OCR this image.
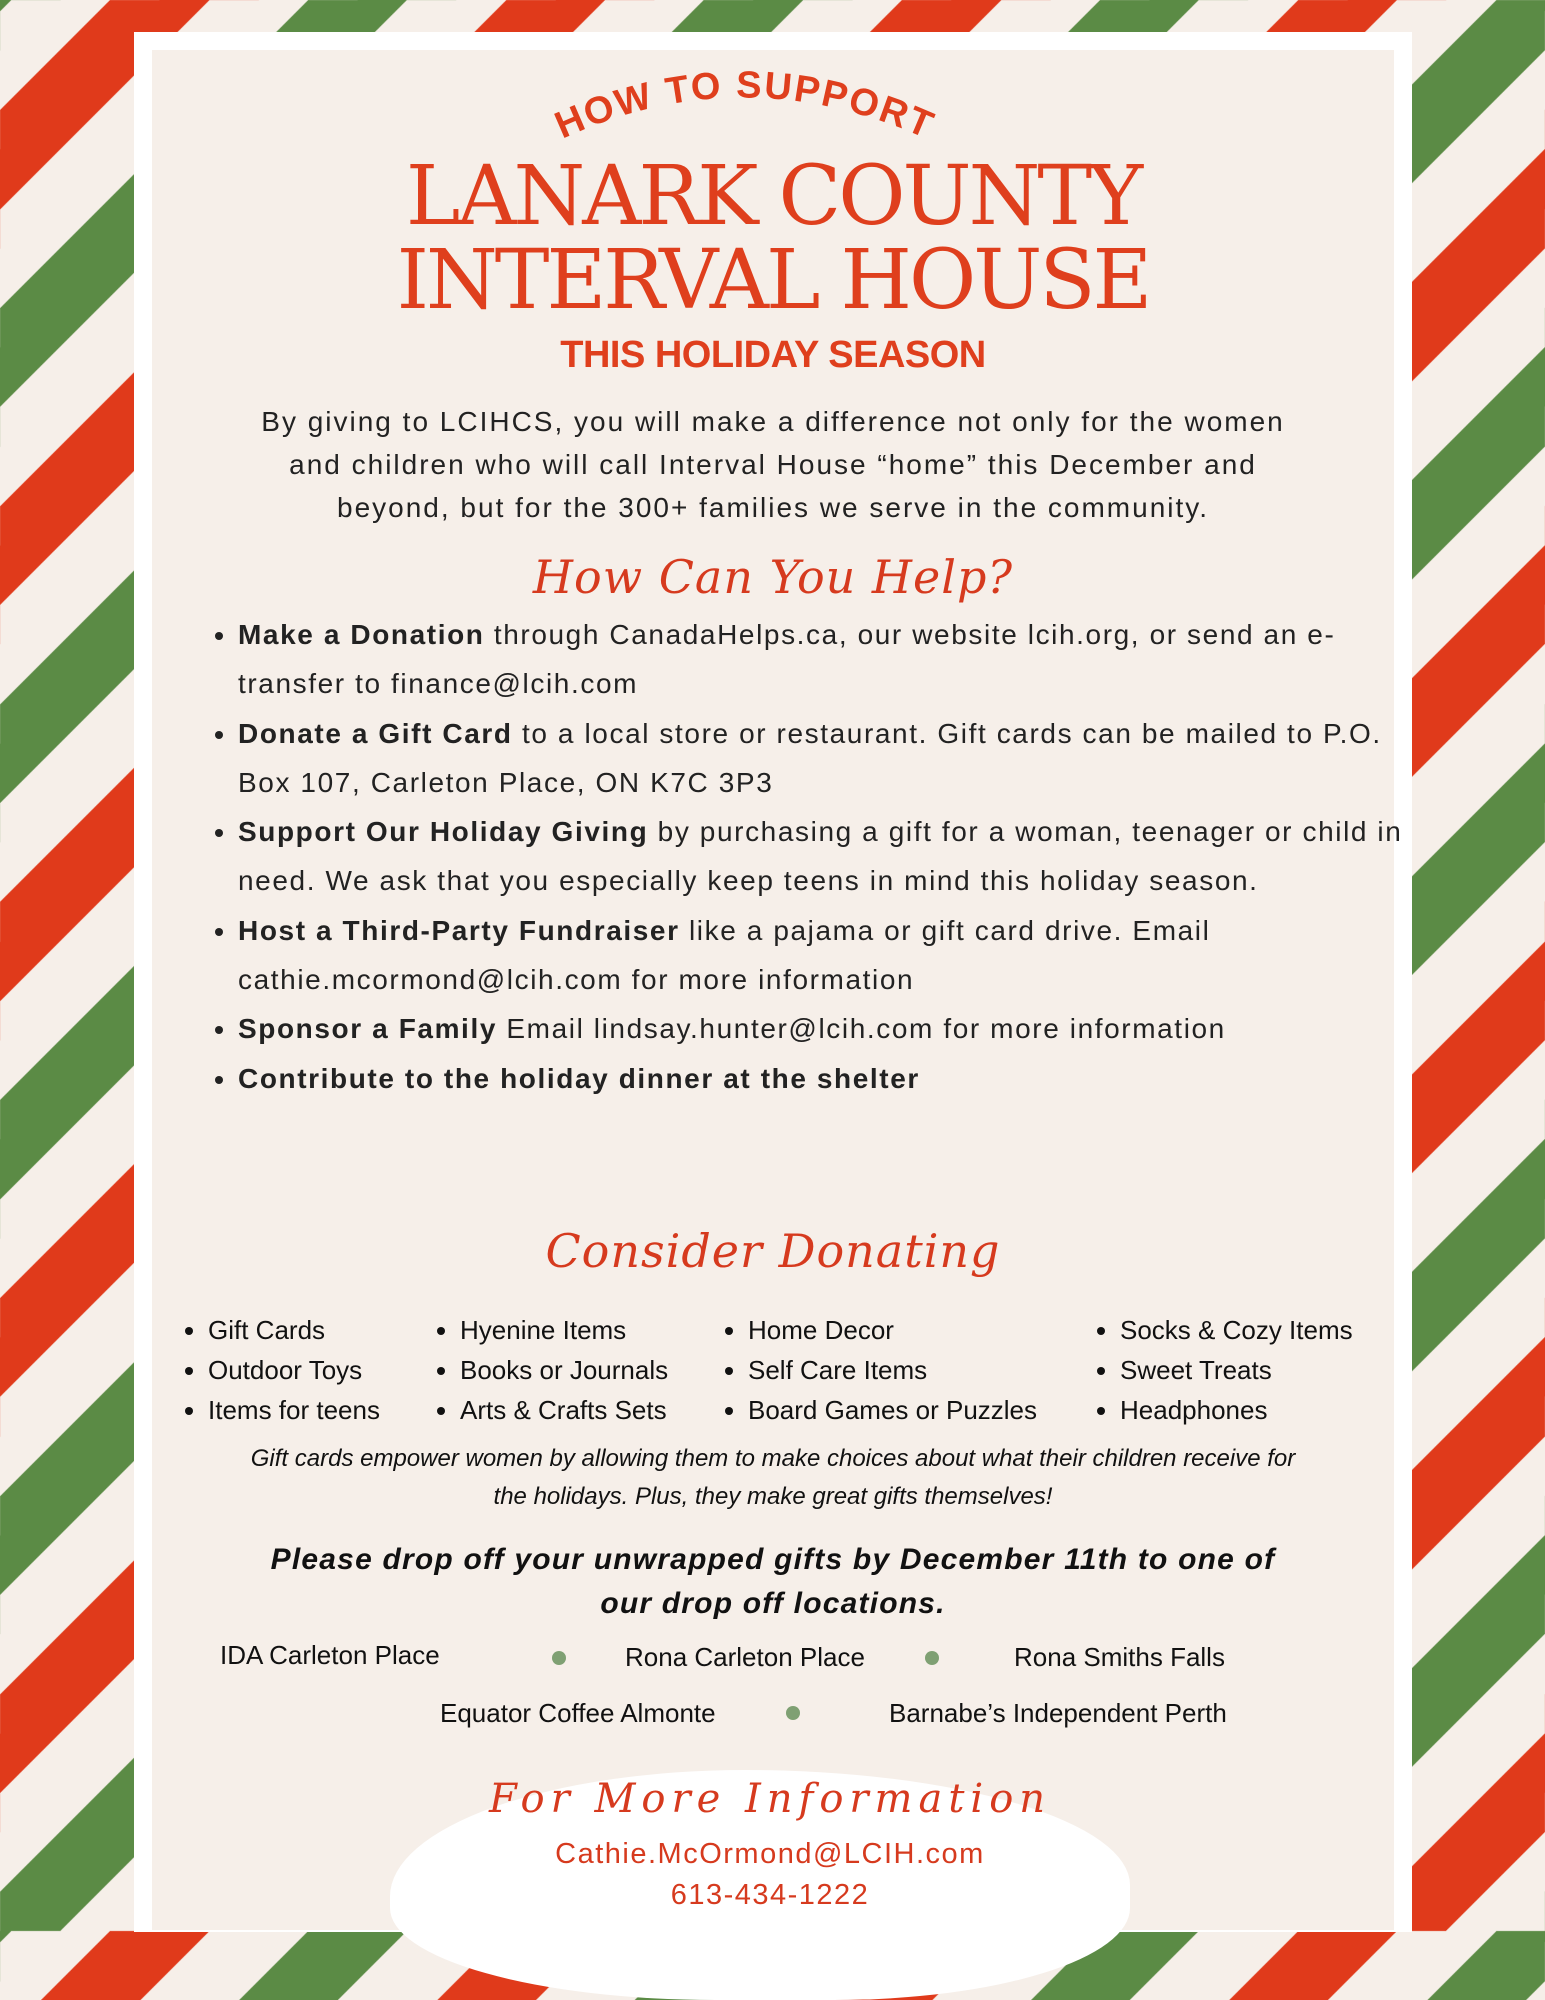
HOW TO SUPPORT
LANARK COUNTY
INTERVAL HOUSE
THIS HOLIDAY SEASON
By giving to LCIHCS, you will make a difference not only for the women
and children who will call Interval House “home” this December and
beyond, but for the 300+ families we serve in the community.
How Can You Help?
• Make a Donation through CanadaHelps.ca, our website lcih.org, or send an e-transfer to finance@lcih.com
• Donate a Gift Card to a local store or restaurant. Gift cards can be mailed to P.O. Box 107, Carleton Place, ON K7C 3P3
• Support Our Holiday Giving by purchasing a gift for a woman, teenager or child in need. We ask that you especially keep teens in mind this holiday season.
• Host a Third-Party Fundraiser like a pajama or gift card drive. Email cathie.mcormond@lcih.com for more information
• Sponsor a Family Email lindsay.hunter@lcih.com for more information
• Contribute to the holiday dinner at the shelter
Consider Donating
• Gift Cards
• Outdoor Toys
• Items for teens
• Hyenine Items
• Books or Journals
• Arts & Crafts Sets
• Home Decor
• Self Care Items
• Board Games or Puzzles
• Socks & Cozy Items
• Sweet Treats
• Headphones
Gift cards empower women by allowing them to make choices about what their children receive for
the holidays. Plus, they make great gifts themselves!
Please drop off your unwrapped gifts by December 11th to one of
our drop off locations.
IDA Carleton Place	Rona Carleton Place	Rona Smiths Falls
Equator Coffee Almonte	Barnabe’s Independent Perth
For More Information
Cathie.McOrmond@LCIH.com
613-434-1222
